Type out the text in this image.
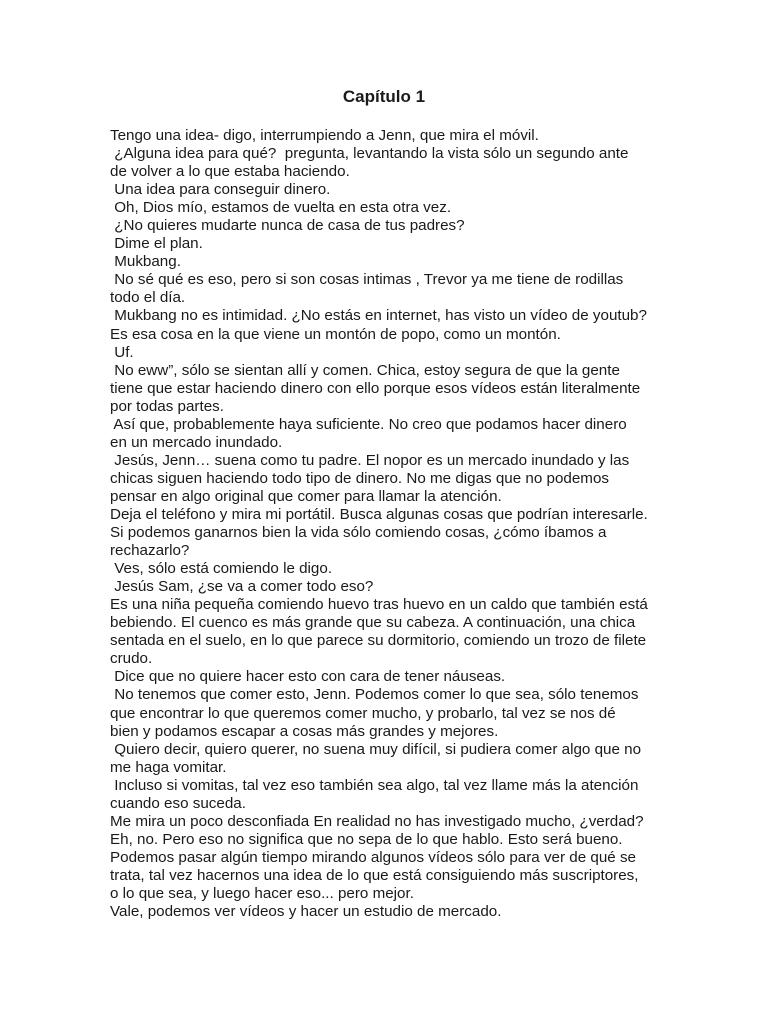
Capítulo 1
Tengo una idea- digo, interrumpiendo a Jenn, que mira el móvil.
¿Alguna idea para qué?  pregunta, levantando la vista sólo un segundo ante
de volver a lo que estaba haciendo.
Una idea para conseguir dinero.
Oh, Dios mío, estamos de vuelta en esta otra vez.
¿No quieres mudarte nunca de casa de tus padres?
Dime el plan.
Mukbang.
No sé qué es eso, pero si son cosas intimas , Trevor ya me tiene de rodillas
todo el día.
Mukbang no es intimidad. ¿No estás en internet, has visto un vídeo de youtub?
Es esa cosa en la que viene un montón de popo, como un montón.
Uf.
No eww”, sólo se sientan allí y comen. Chica, estoy segura de que la gente
tiene que estar haciendo dinero con ello porque esos vídeos están literalmente
por todas partes.
Así que, probablemente haya suficiente. No creo que podamos hacer dinero
en un mercado inundado.
Jesús, Jenn… suena como tu padre. El nopor es un mercado inundado y las
chicas siguen haciendo todo tipo de dinero. No me digas que no podemos
pensar en algo original que comer para llamar la atención.
Deja el teléfono y mira mi portátil. Busca algunas cosas que podrían interesarle.
Si podemos ganarnos bien la vida sólo comiendo cosas, ¿cómo íbamos a
rechazarlo?
Ves, sólo está comiendo le digo.
Jesús Sam, ¿se va a comer todo eso?
Es una niña pequeña comiendo huevo tras huevo en un caldo que también está
bebiendo. El cuenco es más grande que su cabeza. A continuación, una chica
sentada en el suelo, en lo que parece su dormitorio, comiendo un trozo de filete
crudo.
Dice que no quiere hacer esto con cara de tener náuseas.
No tenemos que comer esto, Jenn. Podemos comer lo que sea, sólo tenemos
que encontrar lo que queremos comer mucho, y probarlo, tal vez se nos dé
bien y podamos escapar a cosas más grandes y mejores.
Quiero decir, quiero querer, no suena muy difícil, si pudiera comer algo que no
me haga vomitar.
Incluso si vomitas, tal vez eso también sea algo, tal vez llame más la atención
cuando eso suceda.
Me mira un poco desconfiada En realidad no has investigado mucho, ¿verdad?
Eh, no. Pero eso no significa que no sepa de lo que hablo. Esto será bueno.
Podemos pasar algún tiempo mirando algunos vídeos sólo para ver de qué se
trata, tal vez hacernos una idea de lo que está consiguiendo más suscriptores,
o lo que sea, y luego hacer eso... pero mejor.
Vale, podemos ver vídeos y hacer un estudio de mercado.
